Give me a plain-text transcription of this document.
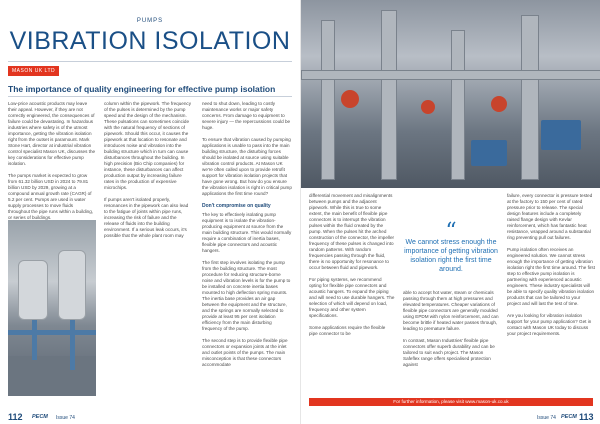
PUMPS
VIBRATION ISOLATION
MASON UK LTD
The importance of quality engineering for effective pump isolation

Low-price acoustic products may leave their appeal. However, if they are not correctly engineered, the consequences of failure could be devastating. In hazardous industries where safety is of the utmost importance, getting the vibration isolation right from the outset is paramount. Mark Stone Hart, director at industrial vibration control specialist Mason UK, discusses the key considerations for effective pump isolation.

The pumps market is expected to grow from 61.32 billion USD in 2024 to 79.81 billion USD by 2029, growing at a compound annual growth rate (CAGR) of 5.2 per cent. Pumps are used in water supply processes to move fluids throughout the pipe runs within a building, or series of buildings.

column within the pipework. The frequency of the pulses is determined by the pump speed and the design of the mechanism. These pulsations can sometimes coincide with the natural frequency of sections of pipework. Should this occur, it causes the pipework at that location to resonate and introduces noise and vibration into the building structure which in turn can cause disturbances throughout the building. In high precision (Bio Chip companies) for instance, these disturbances can affect production output by increasing failure rates in the production of expensive microchips.

If pumps aren't isolated properly, resonances in the pipework can also lead to the fatigue of joints within pipe runs, increasing the risk of failure and the release of fluids into the building environment. If a serious leak occurs, it's possible that the whole plant room may

need to shut down, leading to costly maintenance works or major safety concerns. From damage to equipment to severe injury — the repercussions could be huge.

To ensure that vibration caused by pumping applications is unable to pass into the main building structure, the disturbing forces should be isolated at source using suitable vibration control products. At Mason UK we're often called upon to provide retrofit support for vibration isolation projects that have gone wrong. But how do you ensure the vibration isolation is right in critical pump applications the first time round?

Don't compromise on quality

The key to effectively isolating pump equipment is to isolate the vibration-producing equipment at source from the main building structure. This would normally require a combination of inertia bases, flexible pipe connectors and acoustic hangers.

The first step involves isolating the pump from the building structure. The most procedure for reducing structure-borne noise and vibration levels is for the pump to be installed on concrete inertia bases mounted to high deflection spring mounts. The inertia base provides an air gap between the equipment and the structure, and the springs are normally selected to provide at least 95 per cent isolation efficiency from the main disturbing frequency of the pump.

The second step is to provide flexible pipe connectors or expansion joints at the inlet and outlet points of the pumps. The main misconception is that these connectors accommodate

112 PECM Issue 74

differential movement and misalignments between pumps and the adjacent pipework. While this is true to some extent, the main benefit of flexible pipe connectors is to interrupt the vibration pulses within the fluid created by the pump. When the pulses hit the arched construction of the connector, the impeller frequency of these pulses is changed into random patterns. With random frequencies passing through the fluid, there is no opportunity for resonance to occur between fluid and pipework.

For piping systems, we recommend opting for flexible pipe connectors and acoustic hangers. To expand the piping and will need to use durable hangers. The selection of which will depend on load, frequency and other system specifications.

Some applications require the flexible pipe connector to be

“
We cannot stress enough the importance of getting vibration isolation right the first time around.

able to accept hot water, steam or chemicals passing through them at high pressures and elevated temperatures. Cheaper variations of flexible pipe connectors are generally moulded using EPDM with nylon reinforcement, and can become brittle if heated water passes through, leading to premature failure.

In contrast, Mason Industries' flexible pipe connectors offer superb durability and can be tailored to suit each project. The Mason Safeflex range offers specialised protection against

failure, every connector is pressure tested at the factory to 150 per cent of rated pressure prior to release. The special design features include a completely raised flange design with Kevlar reinforcement, which has fantastic heat resistance, wrapped around a substantial ring preventing pull out failures.

Pump isolation often receives an engineered solution. We cannot stress enough the importance of getting vibration isolation right the first time around. The first step to effective pump isolation is partnering with experienced acoustic engineers. These industry specialists will be able to specify quality vibration isolation products that can be tailored to your project and will last the test of time.

Are you looking for vibration isolation support for your pump application? Get in contact with Mason UK today to discuss your project requirements.

For further information, please visit www.mason-uk.co.uk
Issue 74 PECM 113
